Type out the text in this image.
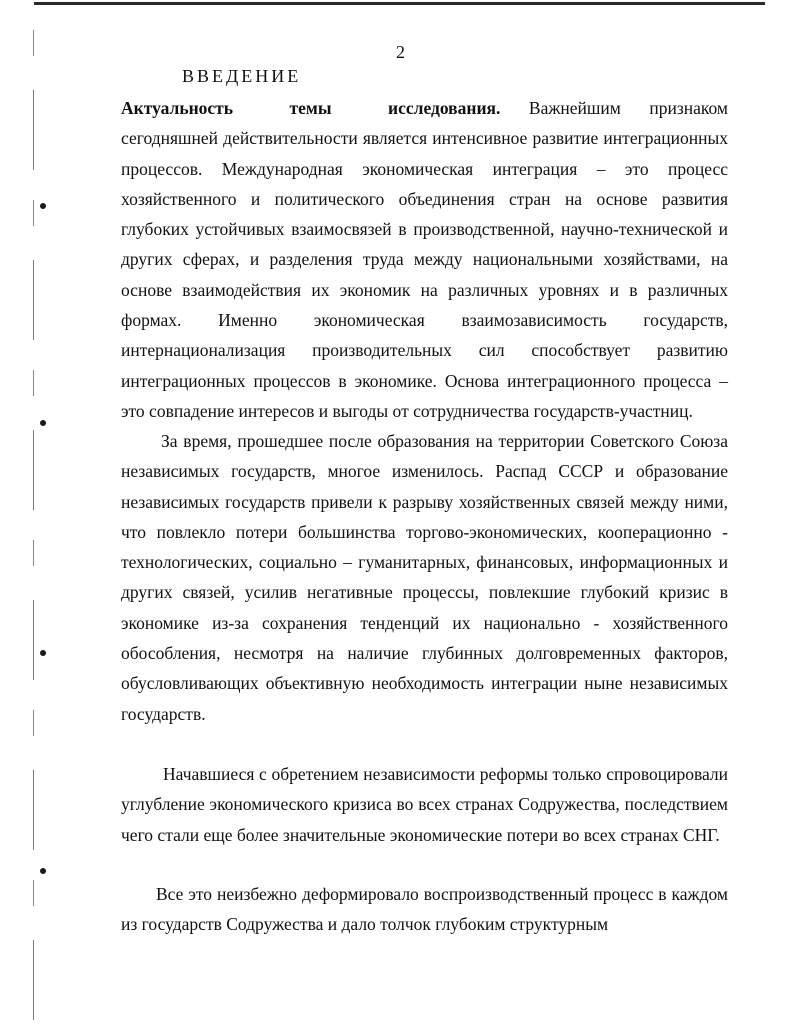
2
ВВЕДЕНИЕ

Актуальность темы исследования. Важнейшим признаком сегодняшней действительности является интенсивное развитие интеграционных процессов. Международная экономическая интеграция – это процесс хозяйственного и политического объединения стран на основе развития глубоких устойчивых взаимосвязей в производственной, научно-технической и других сферах, и разделения труда между национальными хозяйствами, на основе взаимодействия их экономик на различных уровнях и в различных формах. Именно экономическая взаимозависимость государств, интернационализация производительных сил способствует развитию интеграционных процессов в экономике. Основа интеграционного процесса – это совпадение интересов и выгоды от сотрудничества государств-участниц.

За время, прошедшее после образования на территории Советского Союза независимых государств, многое изменилось. Распад СССР и образование независимых государств привели к разрыву хозяйственных связей между ними, что повлекло потери большинства торгово-экономических, кооперационно - технологических, социально – гуманитарных, финансовых, информационных и других связей, усилив негативные процессы, повлекшие глубокий кризис в экономике из-за сохранения тенденций их национально - хозяйственного обособления, несмотря на наличие глубинных долговременных факторов, обусловливающих объективную необходимость интеграции ныне независимых государств.

Начавшиеся с обретением независимости реформы только спровоцировали углубление экономического кризиса во всех странах Содружества, последствием чего стали еще более значительные экономические потери во всех странах СНГ.

Все это неизбежно деформировало воспроизводственный процесс в каждом из государств Содружества и дало толчок глубоким структурным
